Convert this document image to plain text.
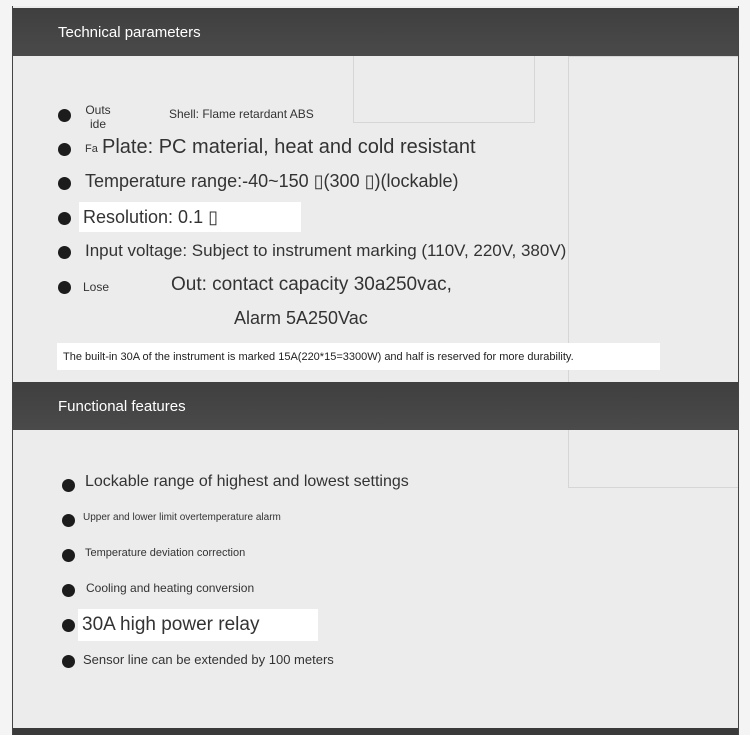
Technical parameters
Outs ide
Shell: Flame retardant ABS
Fa Plate: PC material, heat and cold resistant
Temperature range:-40~150 ▯(300 ▯)(lockable)
Resolution: 0.1 ▯
Input voltage: Subject to instrument marking (110V, 220V, 380V)
Lose	Out: contact capacity 30a250vac,
Alarm 5A250Vac
The built-in 30A of the instrument is marked 15A(220*15=3300W) and half is reserved for more durability.
Functional features
Lockable range of highest and lowest settings
Upper and lower limit overtemperature alarm
Temperature deviation correction
Cooling and heating conversion
30A high power relay
Sensor line can be extended by 100 meters
